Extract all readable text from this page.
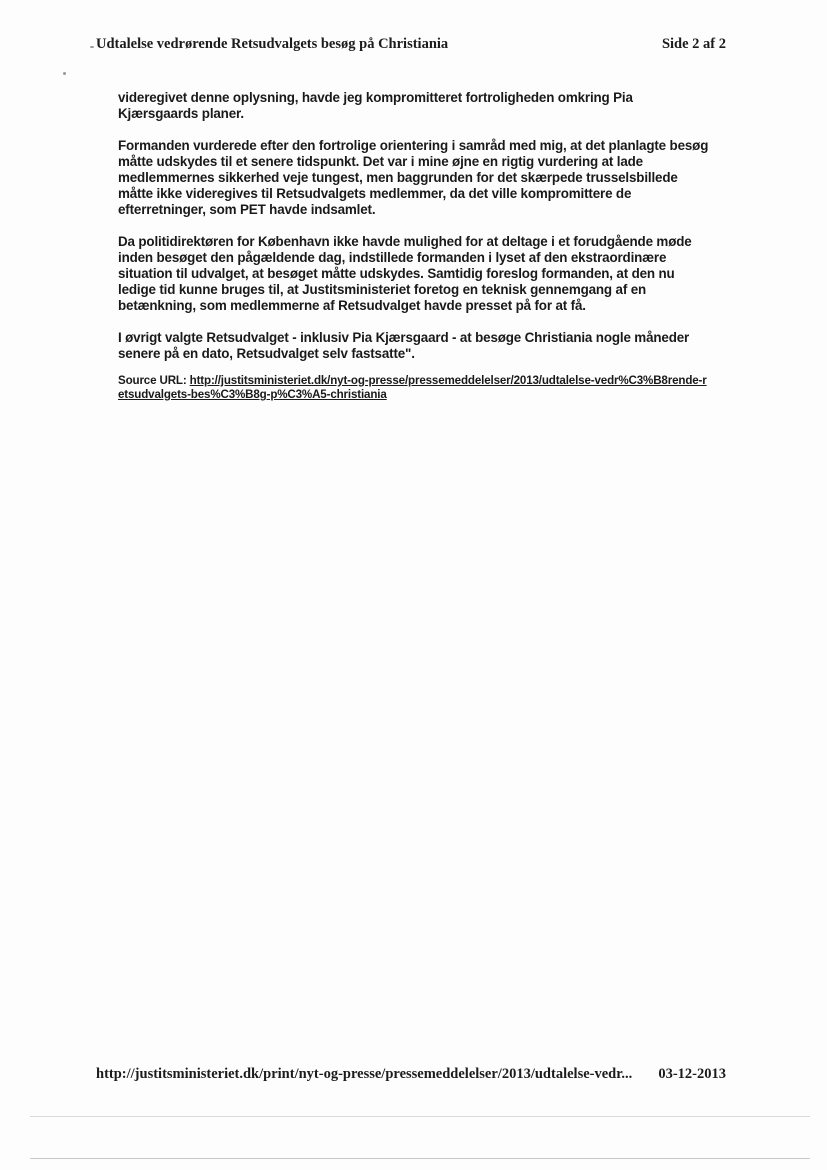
Udtalelse vedrørende Retsudvalgets besøg på Christiania	Side 2 af 2

videregivet denne oplysning, havde jeg kompromitteret fortroligheden omkring Pia Kjærsgaards planer.

Formanden vurderede efter den fortrolige orientering i samråd med mig, at det planlagte besøg måtte udskydes til et senere tidspunkt. Det var i mine øjne en rigtig vurdering at lade medlemmernes sikkerhed veje tungest, men baggrunden for det skærpede trusselsbillede måtte ikke videregives til Retsudvalgets medlemmer, da det ville kompromittere de efterretninger, som PET havde indsamlet.

Da politidirektøren for København ikke havde mulighed for at deltage i et forudgående møde inden besøget den pågældende dag, indstillede formanden i lyset af den ekstraordinære situation til udvalget, at besøget måtte udskydes. Samtidig foreslog formanden, at den nu ledige tid kunne bruges til, at Justitsministeriet foretog en teknisk gennemgang af en betænkning, som medlemmerne af Retsudvalget havde presset på for at få.

I øvrigt valgte Retsudvalget - inklusiv Pia Kjærsgaard - at besøge Christiania nogle måneder senere på en dato, Retsudvalget selv fastsatte".

Source URL: http://justitsministeriet.dk/nyt-og-presse/pressemeddelelser/2013/udtalelse-vedr%C3%B8rende-retsudvalgets-bes%C3%B8g-p%C3%A5-christiania
http://justitsministeriet.dk/print/nyt-og-presse/pressemeddelelser/2013/udtalelse-vedr... 03-12-2013
